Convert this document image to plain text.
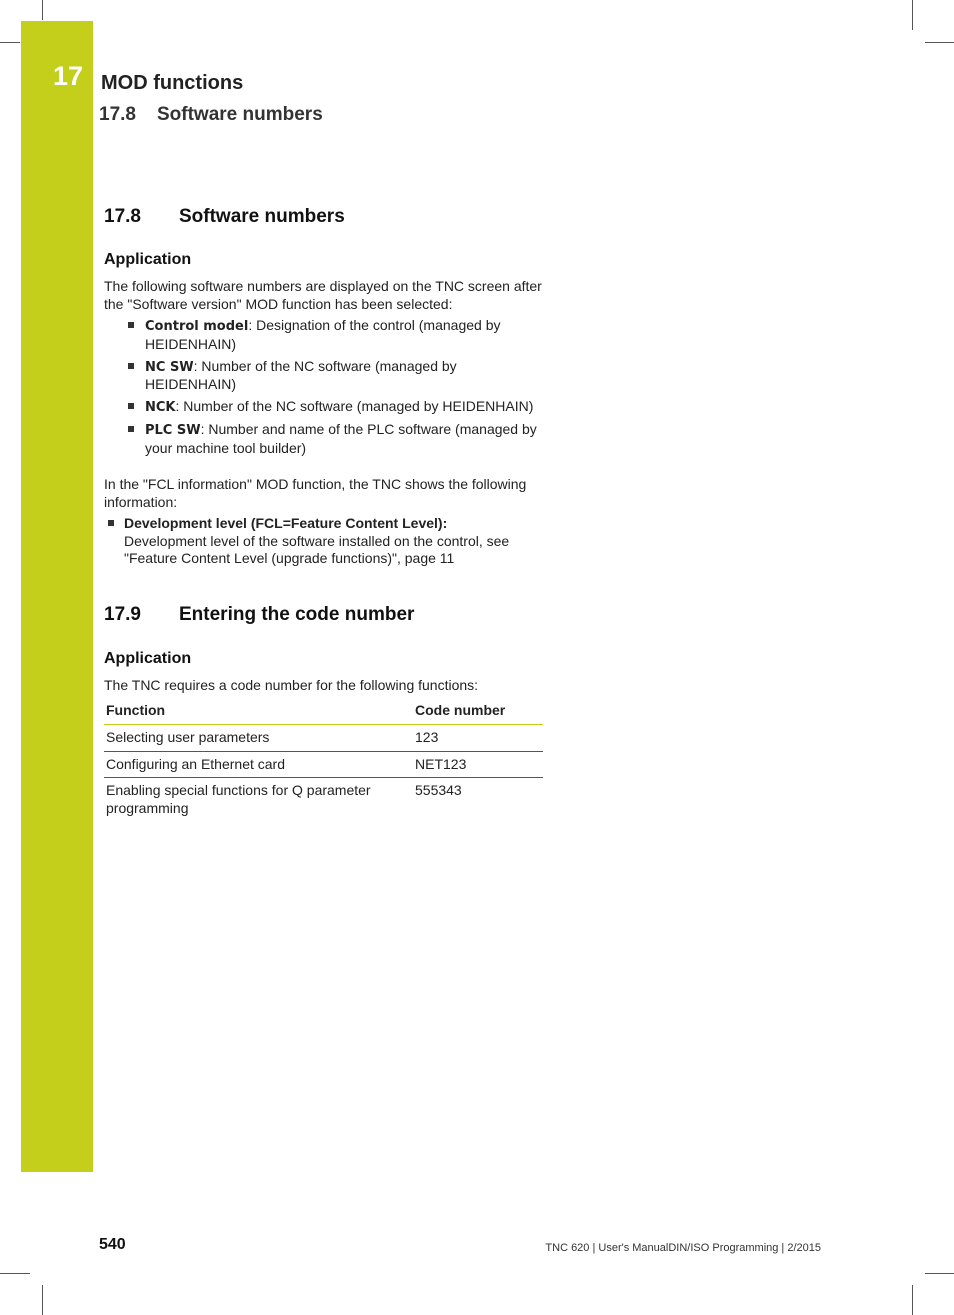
17 MOD functions
17.8 Software numbers
17.8 Software numbers
Application

The following software numbers are displayed on the TNC screen after the "Software version" MOD function has been selected:

Control model: Designation of the control (managed by HEIDENHAIN)
NC SW: Number of the NC software (managed by HEIDENHAIN)
NCK: Number of the NC software (managed by HEIDENHAIN)
PLC SW: Number and name of the PLC software (managed by your machine tool builder)

In the "FCL information" MOD function, the TNC shows the following information:

Development level (FCL=Feature Content Level):
Development level of the software installed on the control, see "Feature Content Level (upgrade functions)", page 11
17.9 Entering the code number
Application

The TNC requires a code number for the following functions:

Function	Code number
Selecting user parameters	123
Configuring an Ethernet card	NET123
Enabling special functions for Q parameter programming	555343
540	TNC 620 | User's ManualDIN/ISO Programming | 2/2015
